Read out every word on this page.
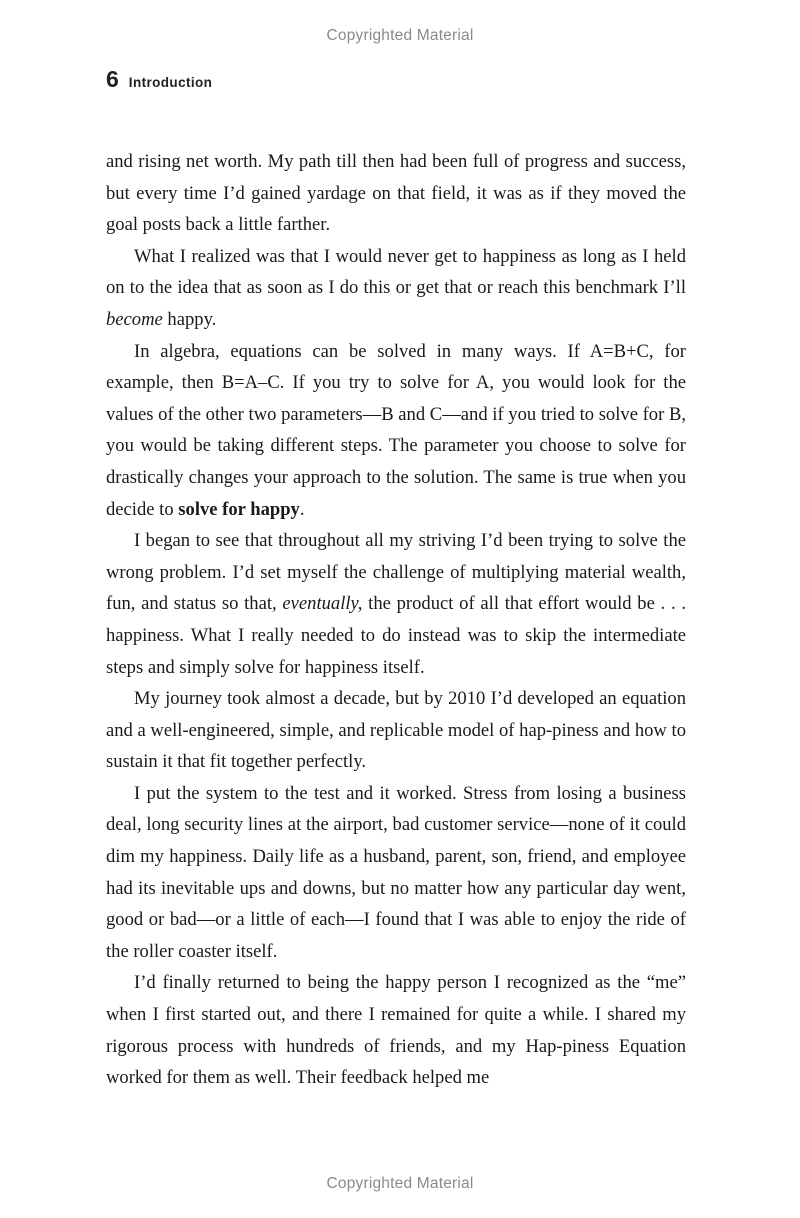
Copyrighted Material
6 Introduction

and rising net worth. My path till then had been full of progress and success, but every time I’d gained yardage on that field, it was as if they moved the goal posts back a little farther.

What I realized was that I would never get to happiness as long as I held on to the idea that as soon as I do this or get that or reach this benchmark I’ll become happy.

In algebra, equations can be solved in many ways. If A=B+C, for example, then B=A–C. If you try to solve for A, you would look for the values of the other two parameters—B and C—and if you tried to solve for B, you would be taking different steps. The parameter you choose to solve for drastically changes your approach to the solution. The same is true when you decide to solve for happy.

I began to see that throughout all my striving I’d been trying to solve the wrong problem. I’d set myself the challenge of multiplying material wealth, fun, and status so that, eventually, the product of all that effort would be . . . happiness. What I really needed to do instead was to skip the intermediate steps and simply solve for happiness itself.

My journey took almost a decade, but by 2010 I’d developed an equation and a well-engineered, simple, and replicable model of hap-piness and how to sustain it that fit together perfectly.

I put the system to the test and it worked. Stress from losing a business deal, long security lines at the airport, bad customer service—none of it could dim my happiness. Daily life as a husband, parent, son, friend, and employee had its inevitable ups and downs, but no matter how any particular day went, good or bad—or a little of each—I found that I was able to enjoy the ride of the roller coaster itself.

I’d finally returned to being the happy person I recognized as the “me” when I first started out, and there I remained for quite a while. I shared my rigorous process with hundreds of friends, and my Hap-piness Equation worked for them as well. Their feedback helped me

Copyrighted Material
